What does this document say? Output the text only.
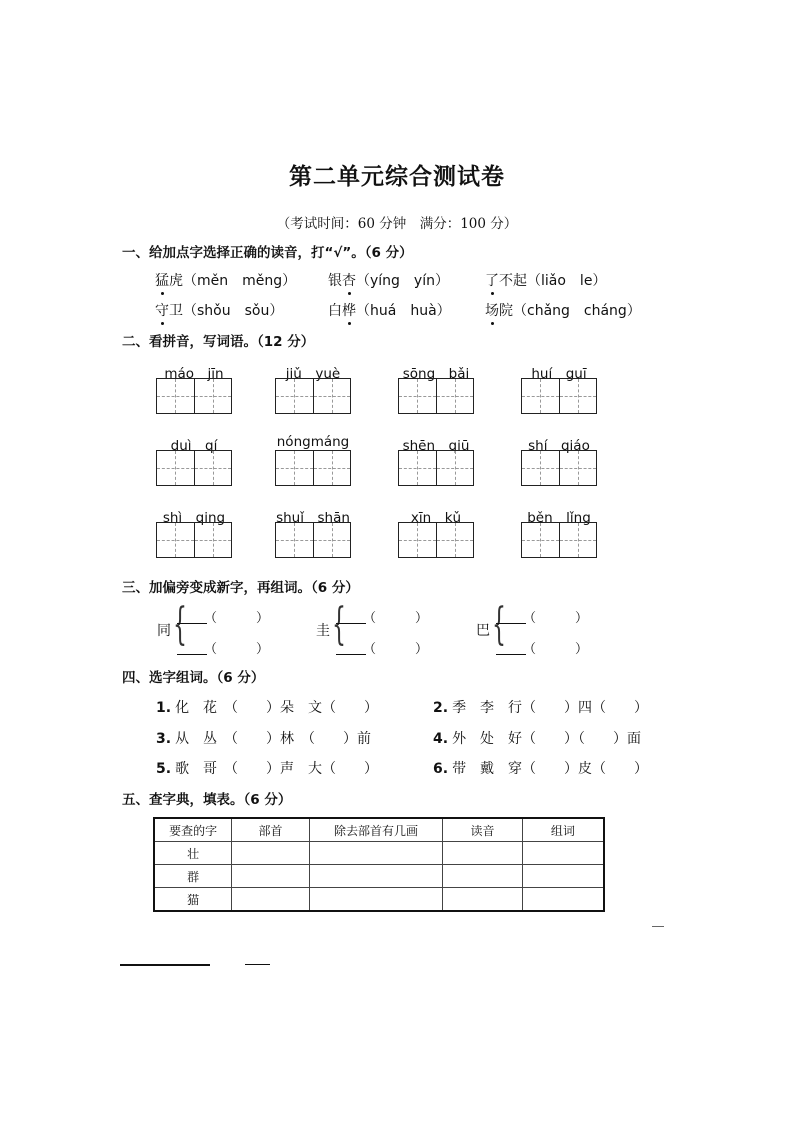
第二单元综合测试卷
（考试时间：60 分钟　满分：100 分）
一、给加点字选择正确的读音，打“√”。（6 分）
猛虎（měn　měng） 银杏（yíng　yín）	了不起（liǎo　le）
守卫（shǒu　sǒu）	白桦（huá　huà） 场院（chǎng　cháng）
二、看拼音，写词语。（12 分）
máo　jīn	jiǔ　yuè	sōng　bǎi	huí　guī
duì　qí	nóngmáng	shēn　qiū	shí　qiáo
shì　qing	shuǐ　shān	xīn　kǔ	běn　lǐng
三、加偏旁变成新字，再组词。（6 分）
同 { （　　　）
（　　　）
圭 { （　　　）
（　　　）
巴 { （　　　）
（　　　）
四、选字组词。（6 分）
1. 化　花　（　　）朵　文（　　）	2. 季　李　行（　　）四（　　）
3. 从　丛　（　　）林　（　　）前	4. 外　处　好（　　）（　　）面
5. 歌　哥　（　　）声　大（　　）	6. 带　戴　穿（　　）皮（　　）
五、查字典，填表。（6 分）
要查的字	部首	除去部首有几画	读音	组词
壮				
群				
猫				
